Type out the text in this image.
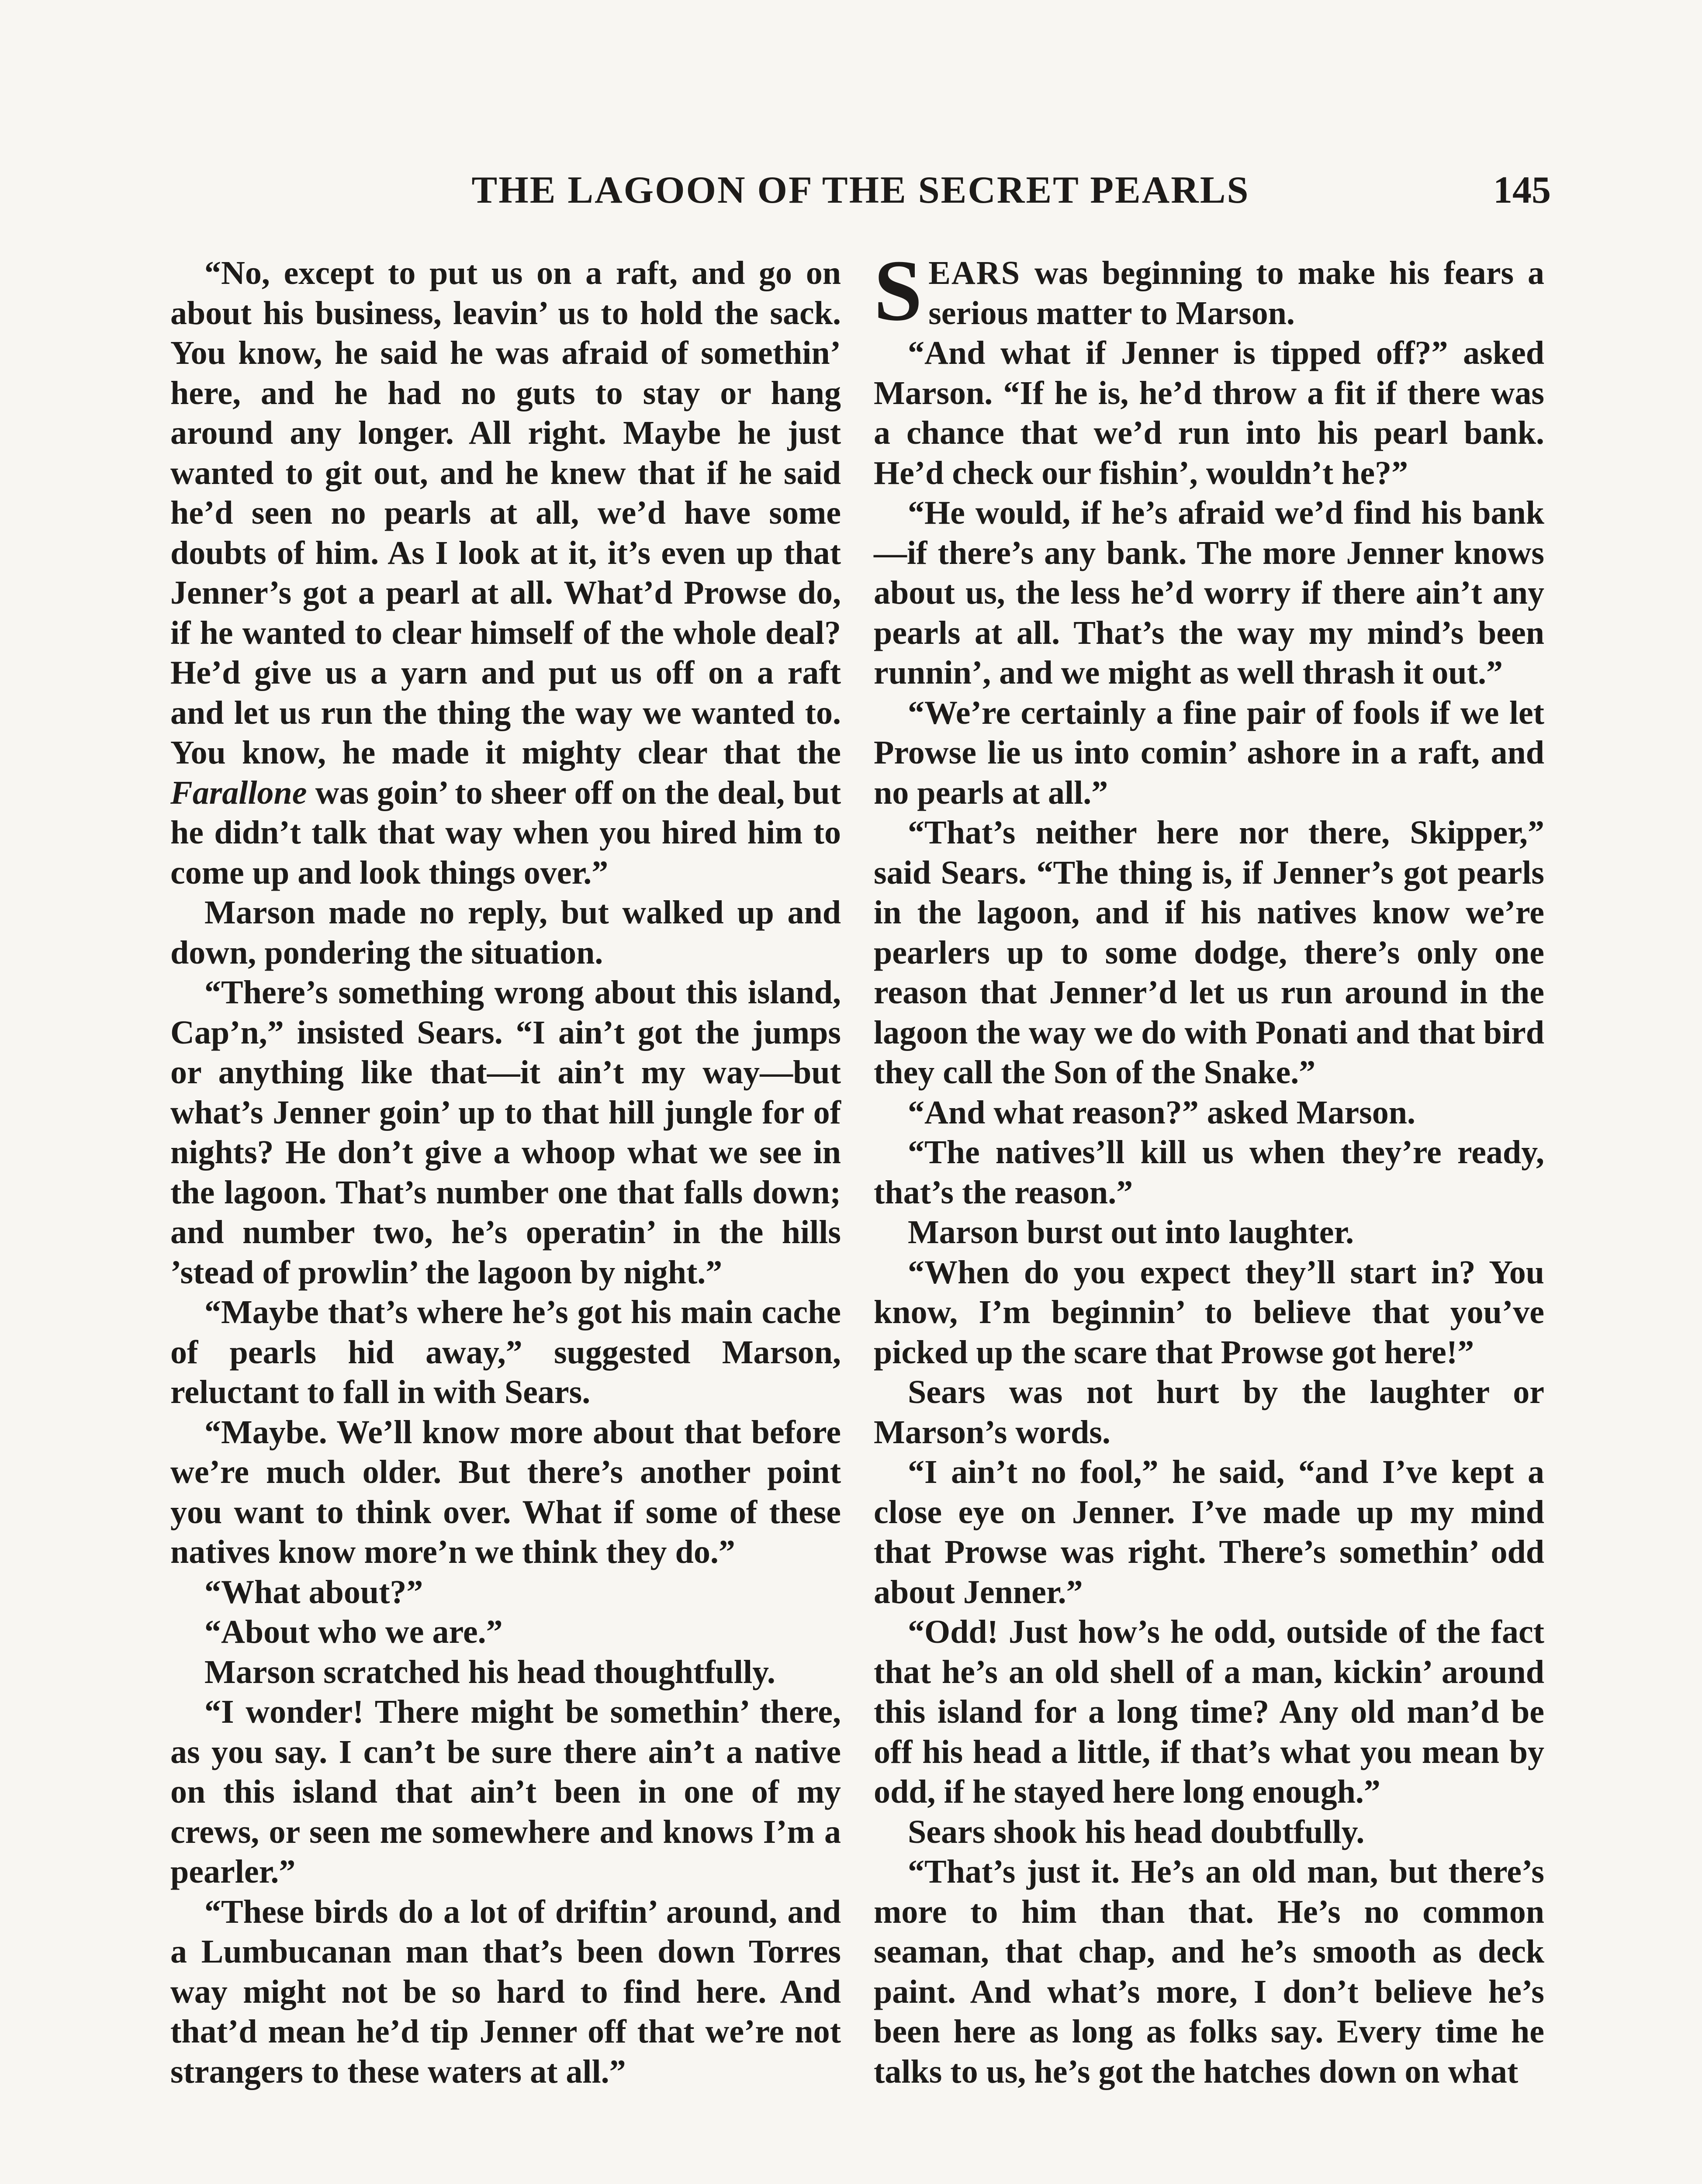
THE LAGOON OF THE SECRET PEARLS	145

“No, except to put us on a raft, and go on about his business, leavin’ us to hold the sack. You know, he said he was afraid of somethin’ here, and he had no guts to stay or hang around any longer. All right. Maybe he just wanted to git out, and he knew that if he said he’d seen no pearls at all, we’d have some doubts of him. As I look at it, it’s even up that Jenner’s got a pearl at all. What’d Prowse do, if he wanted to clear himself of the whole deal? He’d give us a yarn and put us off on a raft and let us run the thing the way we wanted to. You know, he made it mighty clear that the Farallone was goin’ to sheer off on the deal, but he didn’t talk that way when you hired him to come up and look things over.”

Marson made no reply, but walked up and down, pondering the situation.

“There’s something wrong about this island, Cap’n,” insisted Sears. “I ain’t got the jumps or anything like that—it ain’t my way—but what’s Jenner goin’ up to that hill jungle for of nights? He don’t give a whoop what we see in the lagoon. That’s number one that falls down; and number two, he’s operatin’ in the hills ’stead of prowlin’ the lagoon by night.”

“Maybe that’s where he’s got his main cache of pearls hid away,” suggested Marson, reluctant to fall in with Sears.

“Maybe. We’ll know more about that before we’re much older. But there’s another point you want to think over. What if some of these natives know more’n we think they do.”

“What about?”

“About who we are.”

Marson scratched his head thoughtfully.

“I wonder! There might be somethin’ there, as you say. I can’t be sure there ain’t a native on this island that ain’t been in one of my crews, or seen me somewhere and knows I’m a pearler.”

“These birds do a lot of driftin’ around, and a Lumbucanan man that’s been down Torres way might not be so hard to find here. And that’d mean he’d tip Jenner off that we’re not strangers to these waters at all.”

SEARS was beginning to make his fears a serious matter to Marson.

“And what if Jenner is tipped off?” asked Marson. “If he is, he’d throw a fit if there was a chance that we’d run into his pearl bank. He’d check our fishin’, wouldn’t he?”

“He would, if he’s afraid we’d find his bank—if there’s any bank. The more Jenner knows about us, the less he’d worry if there ain’t any pearls at all. That’s the way my mind’s been runnin’, and we might as well thrash it out.”

“We’re certainly a fine pair of fools if we let Prowse lie us into comin’ ashore in a raft, and no pearls at all.”

“That’s neither here nor there, Skipper,” said Sears. “The thing is, if Jenner’s got pearls in the lagoon, and if his natives know we’re pearlers up to some dodge, there’s only one reason that Jenner’d let us run around in the lagoon the way we do with Ponati and that bird they call the Son of the Snake.”

“And what reason?” asked Marson.

“The natives’ll kill us when they’re ready, that’s the reason.”

Marson burst out into laughter.

“When do you expect they’ll start in? You know, I’m beginnin’ to believe that you’ve picked up the scare that Prowse got here!”

Sears was not hurt by the laughter or Marson’s words.

“I ain’t no fool,” he said, “and I’ve kept a close eye on Jenner. I’ve made up my mind that Prowse was right. There’s somethin’ odd about Jenner.”

“Odd! Just how’s he odd, outside of the fact that he’s an old shell of a man, kickin’ around this island for a long time? Any old man’d be off his head a little, if that’s what you mean by odd, if he stayed here long enough.”

Sears shook his head doubtfully.

“That’s just it. He’s an old man, but there’s more to him than that. He’s no common seaman, that chap, and he’s smooth as deck paint. And what’s more, I don’t believe he’s been here as long as folks say. Every time he talks to us, he’s got the hatches down on what
